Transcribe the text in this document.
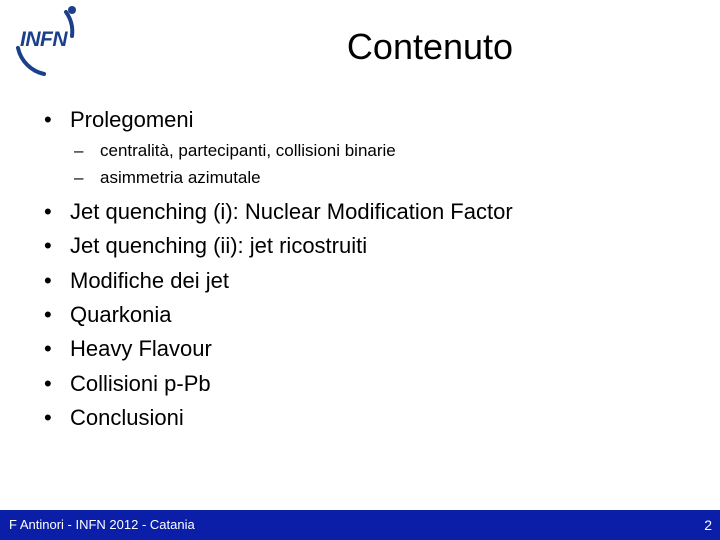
INFN	Contenuto
• Prolegomeni
– centralità, partecipanti, collisioni binarie
– asimmetria azimutale
• Jet quenching (i): Nuclear Modification Factor
• Jet quenching (ii): jet ricostruiti
• Modifiche dei jet
• Quarkonia
• Heavy Flavour
• Collisioni p-Pb
• Conclusioni
F Antinori - INFN 2012 - Catania	2
